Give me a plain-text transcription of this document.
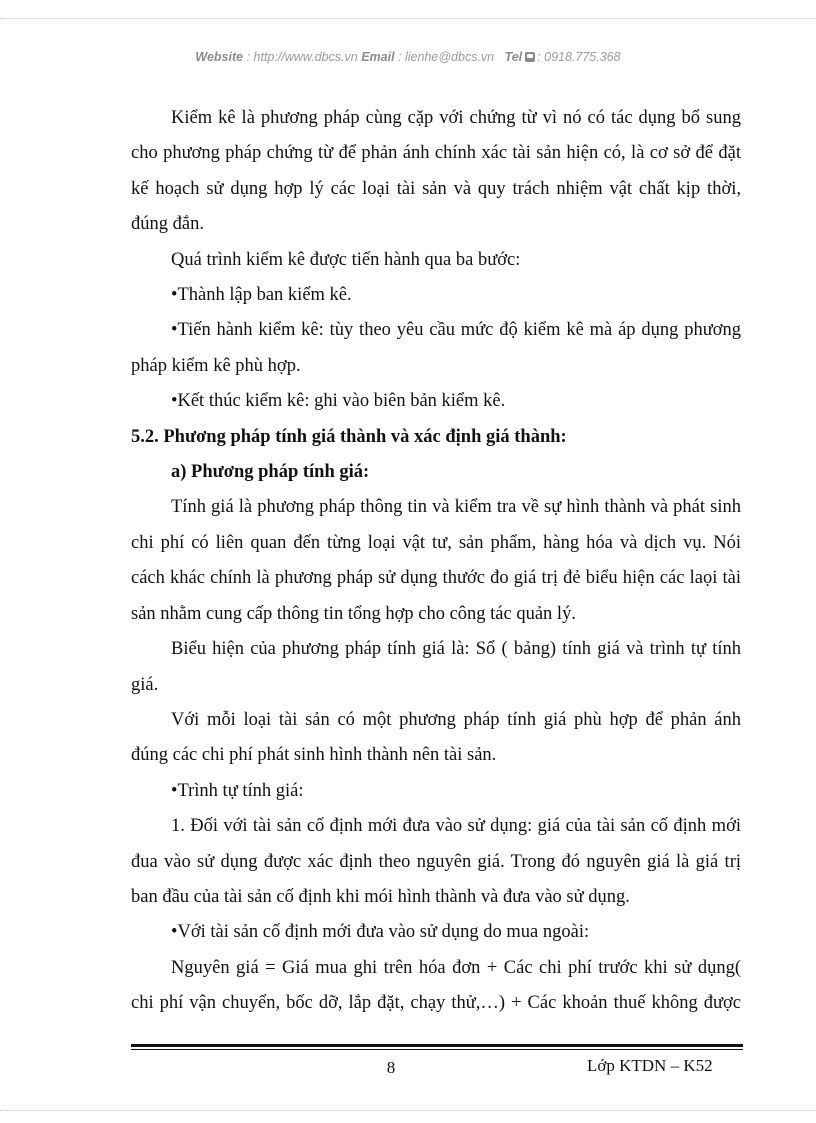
Website : http://www.dbcs.vn Email : lienhe@dbcs.vn Tel : 0918.775.368

Kiểm kê là phương pháp cùng cặp với chứng từ vì nó có tác dụng bổ sung

cho phương pháp chứng từ để phản ánh chính xác tài sản hiện có, là cơ sở để đặt

kế hoạch sử dụng hợp lý các loại tài sản và quy trách nhiệm vật chất kịp thời,

đúng đắn.

Quá trình kiểm kê được tiến hành qua ba bước:

•Thành lập ban kiểm kê.

•Tiến hành kiểm kê: tùy theo yêu cầu mức độ kiểm kê mà áp dụng phương

pháp kiểm kê phù hợp.

•Kết thúc kiểm kê: ghi vào biên bản kiểm kê.

5.2. Phương pháp tính giá thành và xác định giá thành:

a) Phương pháp tính giá:

Tính giá là phương pháp thông tin và kiểm tra về sự hình thành và phát sinh

chi phí có liên quan đến từng loại vật tư, sản phẩm, hàng hóa và dịch vụ. Nói

cách khác chính là phương pháp sử dụng thước đo giá trị đẻ biểu hiện các laọi tài

sản nhằm cung cấp thông tin tổng hợp cho công tác quản lý.

Biểu hiện của phương pháp tính giá là: Sổ ( bảng) tính giá và trình tự tính

giá.

Với mỗi loại tài sản có một phương pháp tính giá phù hợp để phản ánh

đúng các chi phí phát sinh hình thành nên tài sản.

•Trình tự tính giá:

1. Đối với tài sản cố định mới đưa vào sử dụng: giá của tài sản cố định mới

đua vào sử dụng được xác định theo nguyên giá. Trong đó nguyên giá là giá trị

ban đầu của tài sản cố định khi mói hình thành và đưa vào sử dụng.

•Với tài sản cố định mới đưa vào sử dụng do mua ngoài:

Nguyên giá = Giá mua ghi trên hóa đơn + Các chi phí trước khi sử dụng(

chi phí vận chuyển, bốc dỡ, lắp đặt, chạy thử,…) + Các khoản thuế không được

8	Lớp KTDN – K52
